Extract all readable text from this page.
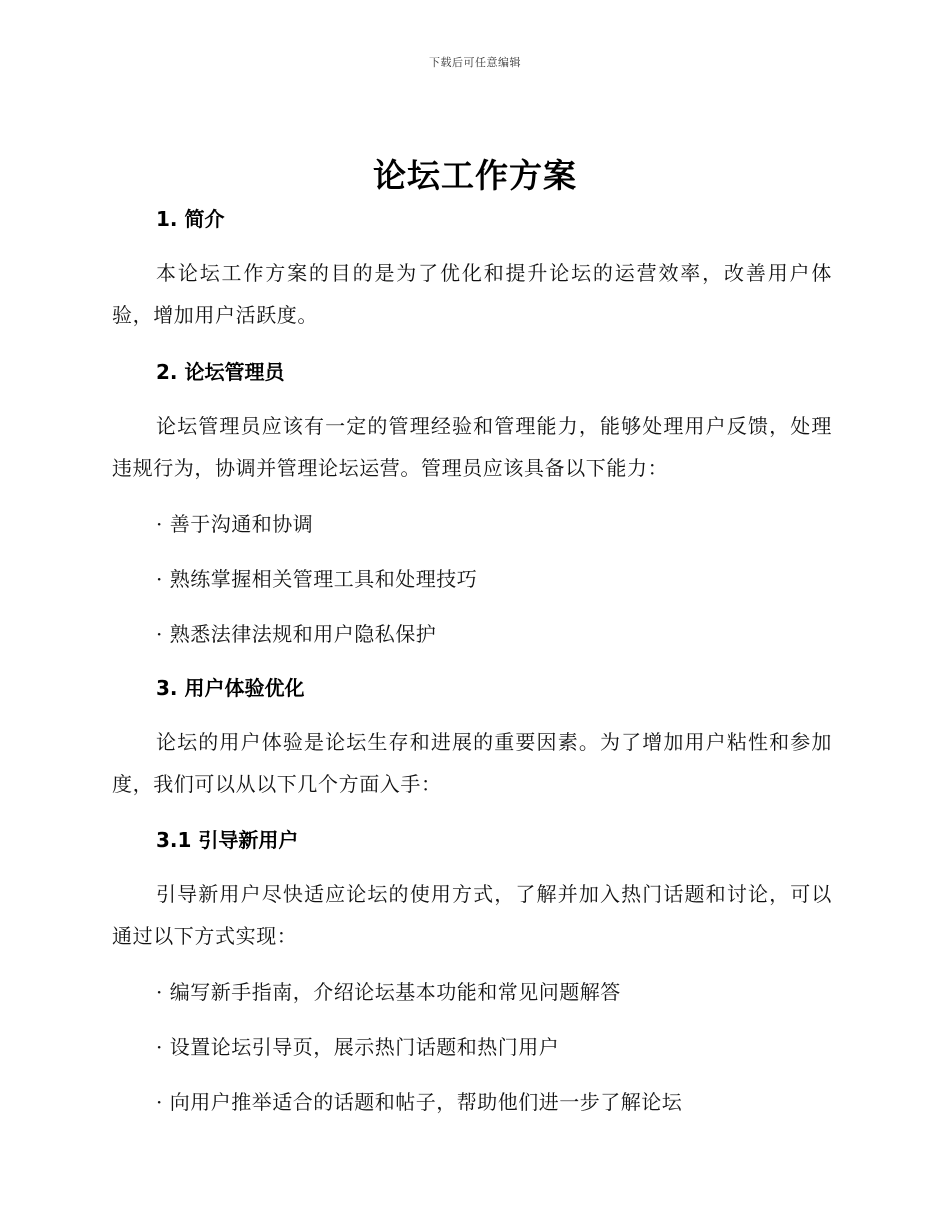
下载后可任意编辑
论坛工作方案
1. 简介
本论坛工作方案的目的是为了优化和提升论坛的运营效率，改善用户体验，增加用户活跃度。
2. 论坛管理员
论坛管理员应该有一定的管理经验和管理能力，能够处理用户反馈，处理违规行为，协调并管理论坛运营。管理员应该具备以下能力：
· 善于沟通和协调
· 熟练掌握相关管理工具和处理技巧
· 熟悉法律法规和用户隐私保护
3. 用户体验优化
论坛的用户体验是论坛生存和进展的重要因素。为了增加用户粘性和参加度，我们可以从以下几个方面入手：
3.1 引导新用户
引导新用户尽快适应论坛的使用方式，了解并加入热门话题和讨论，可以通过以下方式实现：
· 编写新手指南，介绍论坛基本功能和常见问题解答
· 设置论坛引导页，展示热门话题和热门用户
· 向用户推举适合的话题和帖子，帮助他们进一步了解论坛
